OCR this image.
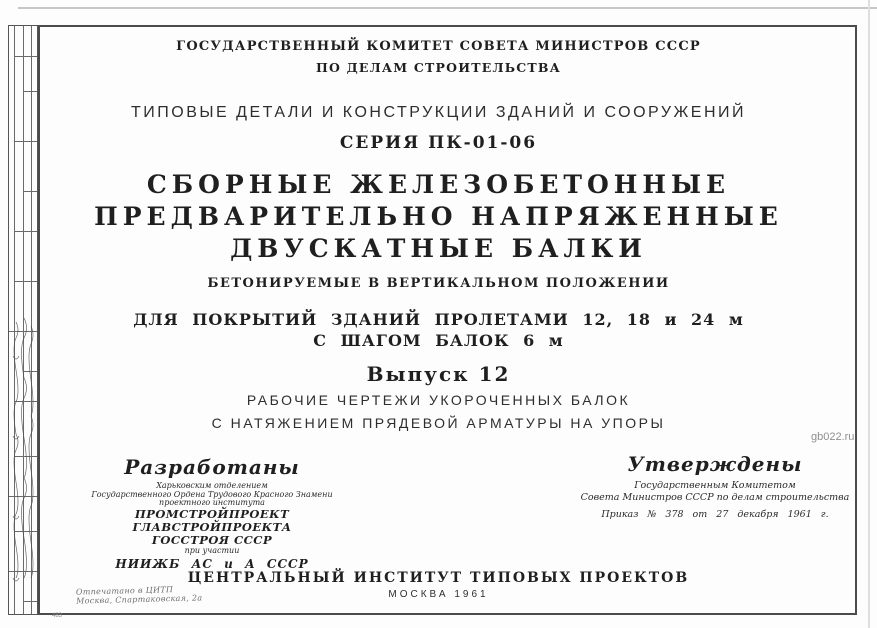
ГОСУДАРСТВЕННЫЙ КОМИТЕТ СОВЕТА МИНИСТРОВ СССР
ПО ДЕЛАМ СТРОИТЕЛЬСТВА
ТИПОВЫЕ ДЕТАЛИ И КОНСТРУКЦИИ ЗДАНИЙ И СООРУЖЕНИЙ
СЕРИЯ ПК-01-06
СБОРНЫЕ ЖЕЛЕЗОБЕТОННЫЕ
ПРЕДВАРИТЕЛЬНО НАПРЯЖЕННЫЕ
ДВУСКАТНЫЕ БАЛКИ
БЕТОНИРУЕМЫЕ В ВЕРТИКАЛЬНОМ ПОЛОЖЕНИИ
ДЛЯ ПОКРЫТИЙ ЗДАНИЙ ПРОЛЕТАМИ 12, 18 и 24 м
С ШАГОМ БАЛОК 6 м
Выпуск 12
РАБОЧИЕ ЧЕРТЕЖИ УКОРОЧЕННЫХ БАЛОК
С НАТЯЖЕНИЕМ ПРЯДЕВОЙ АРМАТУРЫ НА УПОРЫ
Разработаны
Харьковским отделением
Государственного Ордена Трудового Красного Знамени
проектного института
ПРОМСТРОЙПРОЕКТ ГЛАВСТРОЙПРОЕКТА
ГОССТРОЯ СССР
при участии
НИИЖБ АС и А СССР
Утверждены
Государственным Комитетом
Совета Министров СССР по делам строительства
Приказ № 378 от 27 декабря 1961 г.
ЦЕНТРАЛЬНЫЙ ИНСТИТУТ ТИПОВЫХ ПРОЕКТОВ
МОСКВА 1961
Отпечатано в ЦИТП
Москва, Спартаковская, 2а
gb022.ru
483
